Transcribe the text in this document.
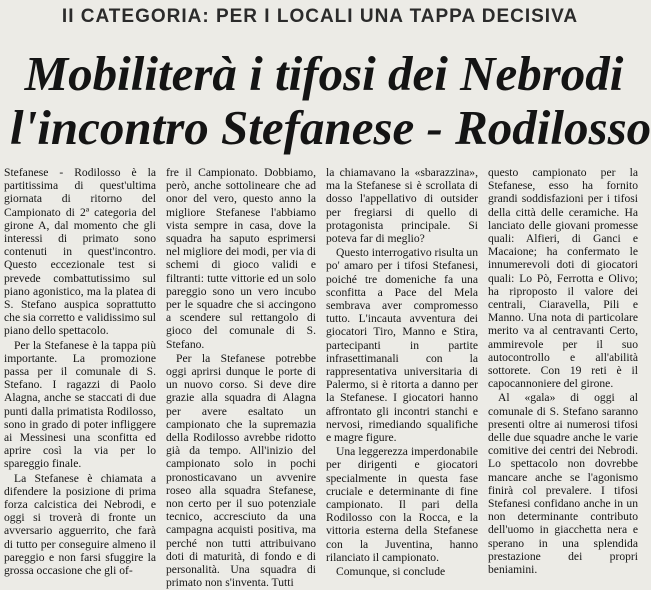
II CATEGORIA: PER I LOCALI UNA TAPPA DECISIVA
Mobiliterà i tifosi dei Nebrodi
l'incontro Stefanese - Rodilosso

Stefanese - Rodilosso è la partitissima di quest'ultima giornata di ritorno del Campionato di 2ª categoria del girone A, dal momento che gli interessi di primato sono contenuti in quest'incontro. Questo eccezionale test si prevede combattutissimo sul piano agonistico, ma la platea di S. Stefano auspica soprattutto che sia corretto e validissimo sul piano dello spettacolo.

Per la Stefanese è la tappa più importante. La promozione passa per il comunale di S. Stefano. I ragazzi di Paolo Alagna, anche se staccati di due punti dalla primatista Rodilosso, sono in grado di poter infliggere ai Messinesi una sconfitta ed aprire così la via per lo spareggio finale.

La Stefanese è chiamata a difendere la posizione di prima forza calcistica dei Nebrodi, e oggi si troverà di fronte un avversario agguerrito, che farà di tutto per conseguire almeno il pareggio e non farsi sfuggire la grossa occasione che gli of-

fre il Campionato. Dobbiamo, però, anche sottolineare che ad onor del vero, questo anno la migliore Stefanese l'abbiamo vista sempre in casa, dove la squadra ha saputo esprimersi nel migliore dei modi, per via di schemi di gioco validi e filtranti: tutte vittorie ed un solo pareggio sono un vero incubo per le squadre che si accingono a scendere sul rettangolo di gioco del comunale di S. Stefano.

Per la Stefanese potrebbe oggi aprirsi dunque le porte di un nuovo corso. Si deve dire grazie alla squadra di Alagna per avere esaltato un campionato che la supremazia della Rodilosso avrebbe ridotto già da tempo. All'inizio del campionato solo in pochi pronosticavano un avvenire roseo alla squadra Stefanese, non certo per il suo potenziale tecnico, accresciuto da una campagna acquisti positiva, ma perché non tutti attribuivano doti di maturità, di fondo e di personalità. Una squadra di primato non s'inventa. Tutti

la chiamavano la «sbarazzina», ma la Stefanese si è scrollata di dosso l'appellativo di outsider per fregiarsi di quello di protagonista principale. Si poteva far di meglio?

Questo interrogativo risulta un po' amaro per i tifosi Stefanesi, poiché tre domeniche fa una sconfitta a Pace del Mela sembrava aver compromesso tutto. L'incauta avventura dei giocatori Tiro, Manno e Stira, partecipanti in partite infrasettimanali con la rappresentativa universitaria di Palermo, si è ritorta a danno per la Stefanese. I giocatori hanno affrontato gli incontri stanchi e nervosi, rimediando squalifiche e magre figure.

Una leggerezza imperdonabile per dirigenti e giocatori specialmente in questa fase cruciale e determinante di fine campionato. Il pari della Rodilosso con la Rocca, e la vittoria esterna della Stefanese con la Juventina, hanno rilanciato il campionato.

Comunque, si conclude

questo campionato per la Stefanese, esso ha fornito grandi soddisfazioni per i tifosi della città delle ceramiche. Ha lanciato delle giovani promesse quali: Alfieri, di Ganci e Macaione; ha confermato le innumerevoli doti di giocatori quali: Lo Pò, Ferrotta e Olivo; ha riproposto il valore dei centrali, Ciaravella, Pili e Manno. Una nota di particolare merito va al centravanti Certo, ammirevole per il suo autocontrollo e all'abilità sottorete. Con 19 reti è il capocannoniere del girone.

Al «gala» di oggi al comunale di S. Stefano saranno presenti oltre ai numerosi tifosi delle due squadre anche le varie comitive dei centri dei Nebrodi. Lo spettacolo non dovrebbe mancare anche se l'agonismo finirà col prevalere. I tifosi Stefanesi confidano anche in un non determinante contributo dell'uomo in giacchetta nera e sperano in una splendida prestazione dei propri beniamini.
